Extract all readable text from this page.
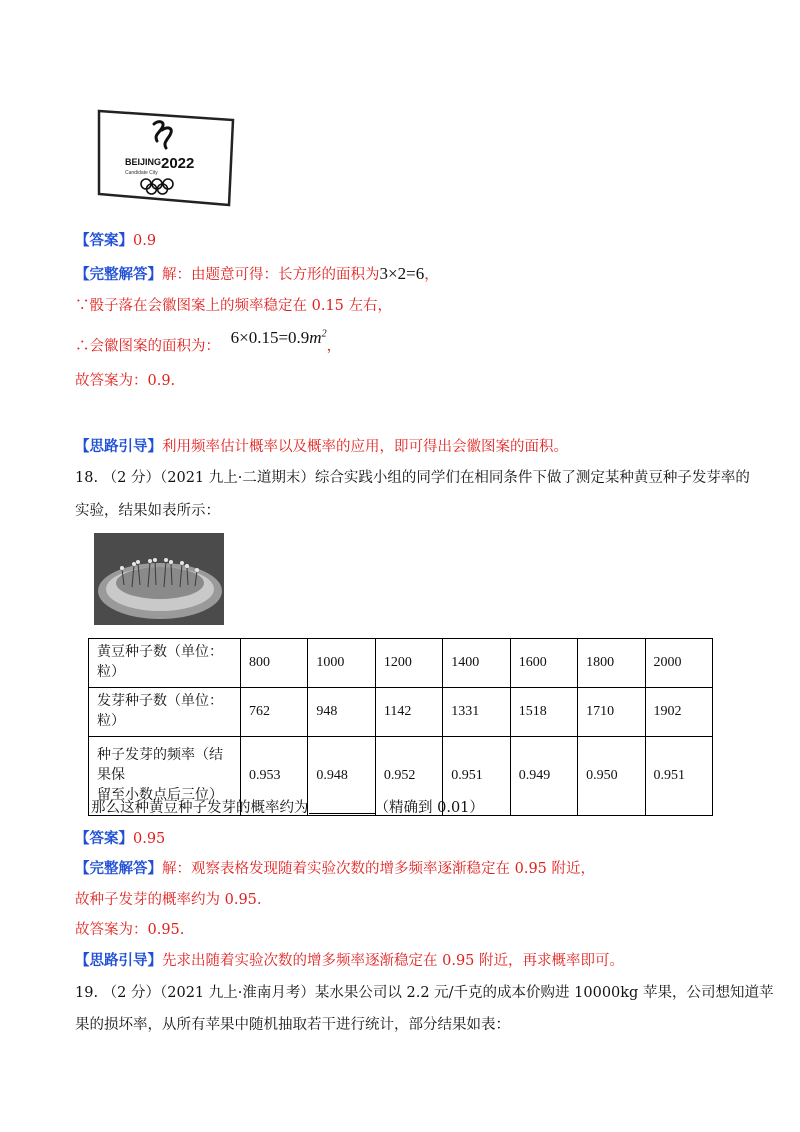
BEIJING 2022
Candidate City
【答案】0.9
【完整解答】解：由题意可得：长方形的面积为3×2=6，
∵骰子落在会徽图案上的频率稳定在 0.15 左右，
∴会徽图案的面积为： $6\times 0.15=0.9m^2$，
故答案为：0.9.
【思路引导】利用频率估计概率以及概率的应用，即可得出会徽图案的面积。
18. （2 分）（2021 九上·二道期末）综合实践小组的同学们在相同条件下做了测定某种黄豆种子发芽率的
实验，结果如表所示：
黄豆种子数（单位：
粒）	800	1000	1200	1400	1600	1800	2000

发芽种子数（单位：
粒）	762	948	1142	1331	1518	1710	1902

种子发芽的频率（结
果保
留至小数点后三位）	0.953	0.948	0.952	0.951	0.949	0.950	0.951
那么这种黄豆种子发芽的概率约为	（精确到 0.01）
【答案】0.95
【完整解答】解：观察表格发现随着实验次数的增多频率逐渐稳定在 0.95 附近，
故种子发芽的概率约为 0.95.
故答案为：0.95.
【思路引导】先求出随着实验次数的增多频率逐渐稳定在 0.95 附近，再求概率即可。
19. （2 分）（2021 九上·淮南月考）某水果公司以 2.2 元/千克的成本价购进 10000kg 苹果，公司想知道苹
果的损坏率，从所有苹果中随机抽取若干进行统计，部分结果如表：
